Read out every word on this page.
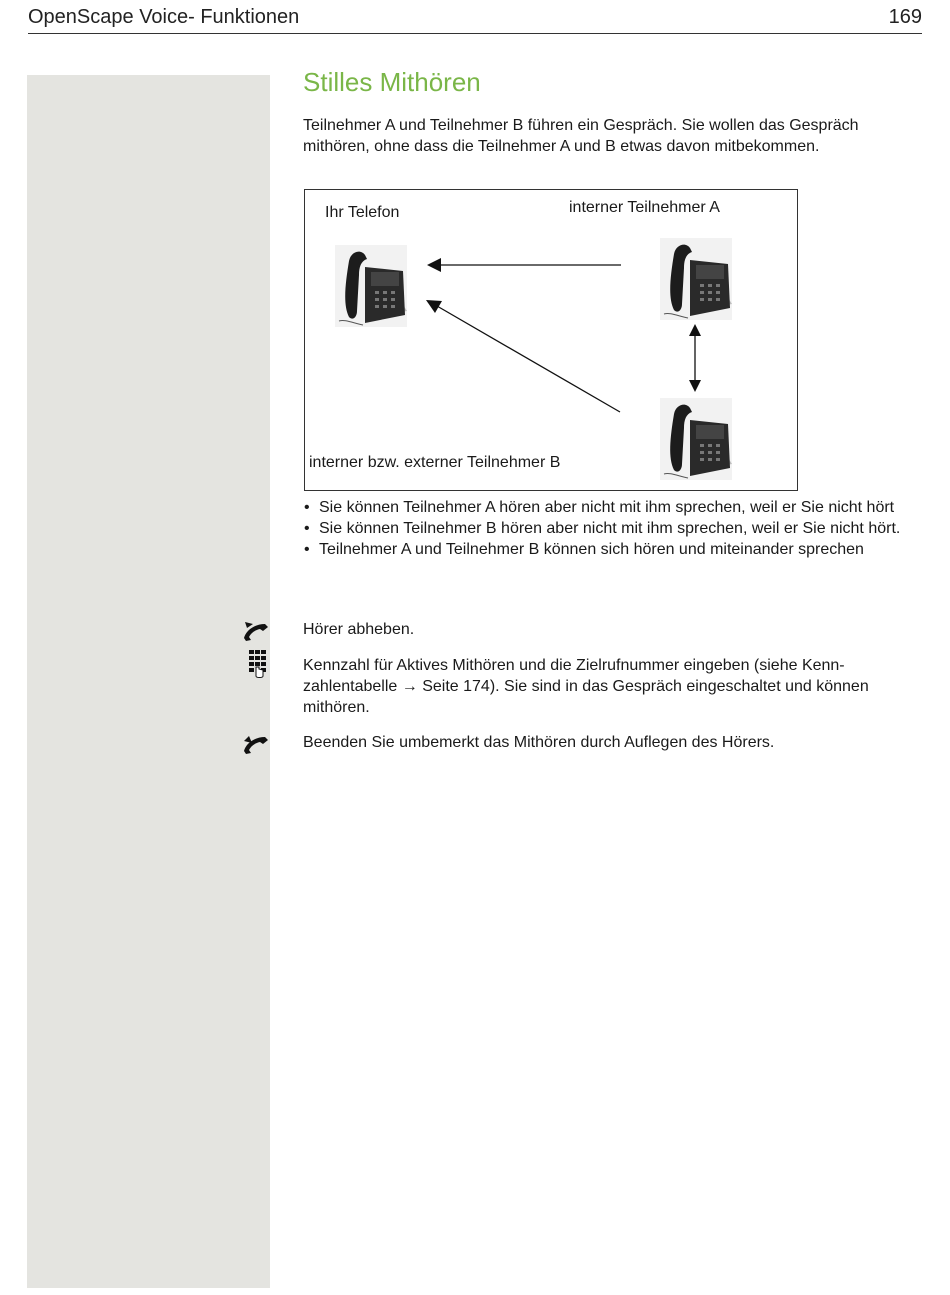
OpenScape Voice- Funktionen	169
Stilles Mithören

Teilnehmer A und Teilnehmer B führen ein Gespräch. Sie wollen das Gespräch mithören, ohne dass die Teilnehmer A und B etwas davon mitbekommen.

Ihr Telefon	interner Teilnehmer A
interner bzw. externer Teilnehmer B
• Sie können Teilnehmer A hören aber nicht mit ihm sprechen, weil er Sie nicht hört
• Sie können Teilnehmer B hören aber nicht mit ihm sprechen, weil er Sie nicht hört.
• Teilnehmer A und Teilnehmer B können sich hören und miteinander sprechen
Hörer abheben.
Kennzahl für Aktives Mithören und die Zielrufnummer eingeben (siehe Kenn-zahlentabelle → Seite 174). Sie sind in das Gespräch eingeschaltet und können mithören.
Beenden Sie umbemerkt das Mithören durch Auflegen des Hörers.
